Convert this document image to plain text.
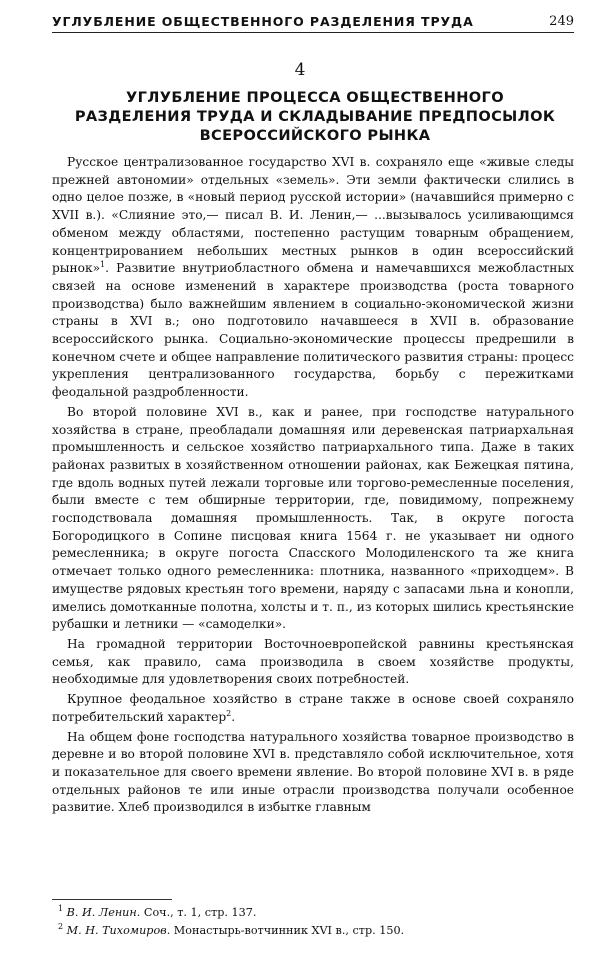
УГЛУБЛЕНИЕ ОБЩЕСТВЕННОГО РАЗДЕЛЕНИЯ ТРУДА	249
4
УГЛУБЛЕНИЕ ПРОЦЕССА ОБЩЕСТВЕННОГО
РАЗДЕЛЕНИЯ ТРУДА И СКЛАДЫВАНИЕ ПРЕДПОСЫЛОК
ВСЕРОССИЙСКОГО РЫНКА

Русское централизованное государство XVI в. сохраняло еще «живые следы прежней автономии» отдельных «земель». Эти земли фактически слились в одно целое позже, в «новый период русской истории» (начавшийся примерно с XVII в.). «Слияние это,— писал В. И. Ленин,— ...вызывалось усиливающимся обменом между областями, постепенно растущим товарным обращением, концентрированием небольших местных рынков в один всероссийский рынок»$^1$. Развитие внутриобластного обмена и намечавшихся межобластных связей на основе изменений в характере производства (роста товарного производства) было важнейшим явлением в социально-экономической жизни страны в XVI в.; оно подготовило начавшееся в XVII в. образование всероссийского рынка. Социально-экономические процессы предрешили в конечном счете и общее направление политического развития страны: процесс укрепления централизованного государства, борьбу с пережитками феодальной раздробленности.

Во второй половине XVI в., как и ранее, при господстве натурального хозяйства в стране, преобладали домашняя или деревенская патриархальная промышленность и сельское хозяйство патриархального типа. Даже в таких районах развитых в хозяйственном отношении районах, как Бежецкая пятина, где вдоль водных путей лежали торговые или торгово-ремесленные поселения, были вместе с тем обширные территории, где, повидимому, попрежнему господствовала домашняя промышленность. Так, в округе погоста Богородицкого в Сопине писцовая книга 1564 г. не указывает ни одного ремесленника; в округе погоста Спасского Молодиленского та же книга отмечает только одного ремесленника: плотника, названного «приходцем». В имуществе рядовых крестьян того времени, наряду с запасами льна и конопли, имелись домотканные полотна, холсты и т. п., из которых шились крестьянские рубашки и летники — «самоделки».

На громадной территории Восточноевропейской равнины крестьянская семья, как правило, сама производила в своем хозяйстве продукты, необходимые для удовлетворения своих потребностей.

Крупное феодальное хозяйство в стране также в основе своей сохраняло потребительский характер$^2$.

На общем фоне господства натурального хозяйства товарное производство в деревне и во второй половине XVI в. представляло собой исключительное, хотя и показательное для своего времени явление. Во второй половине XVI в. в ряде отдельных районов те или иные отрасли производства получали особенное развитие. Хлеб производился в избытке главным

$^1$ В. И. Ленин. Соч., т. 1, стр. 137.
$^2$ М. Н. Тихомиров. Монастырь-вотчинник XVI в., стр. 150.
